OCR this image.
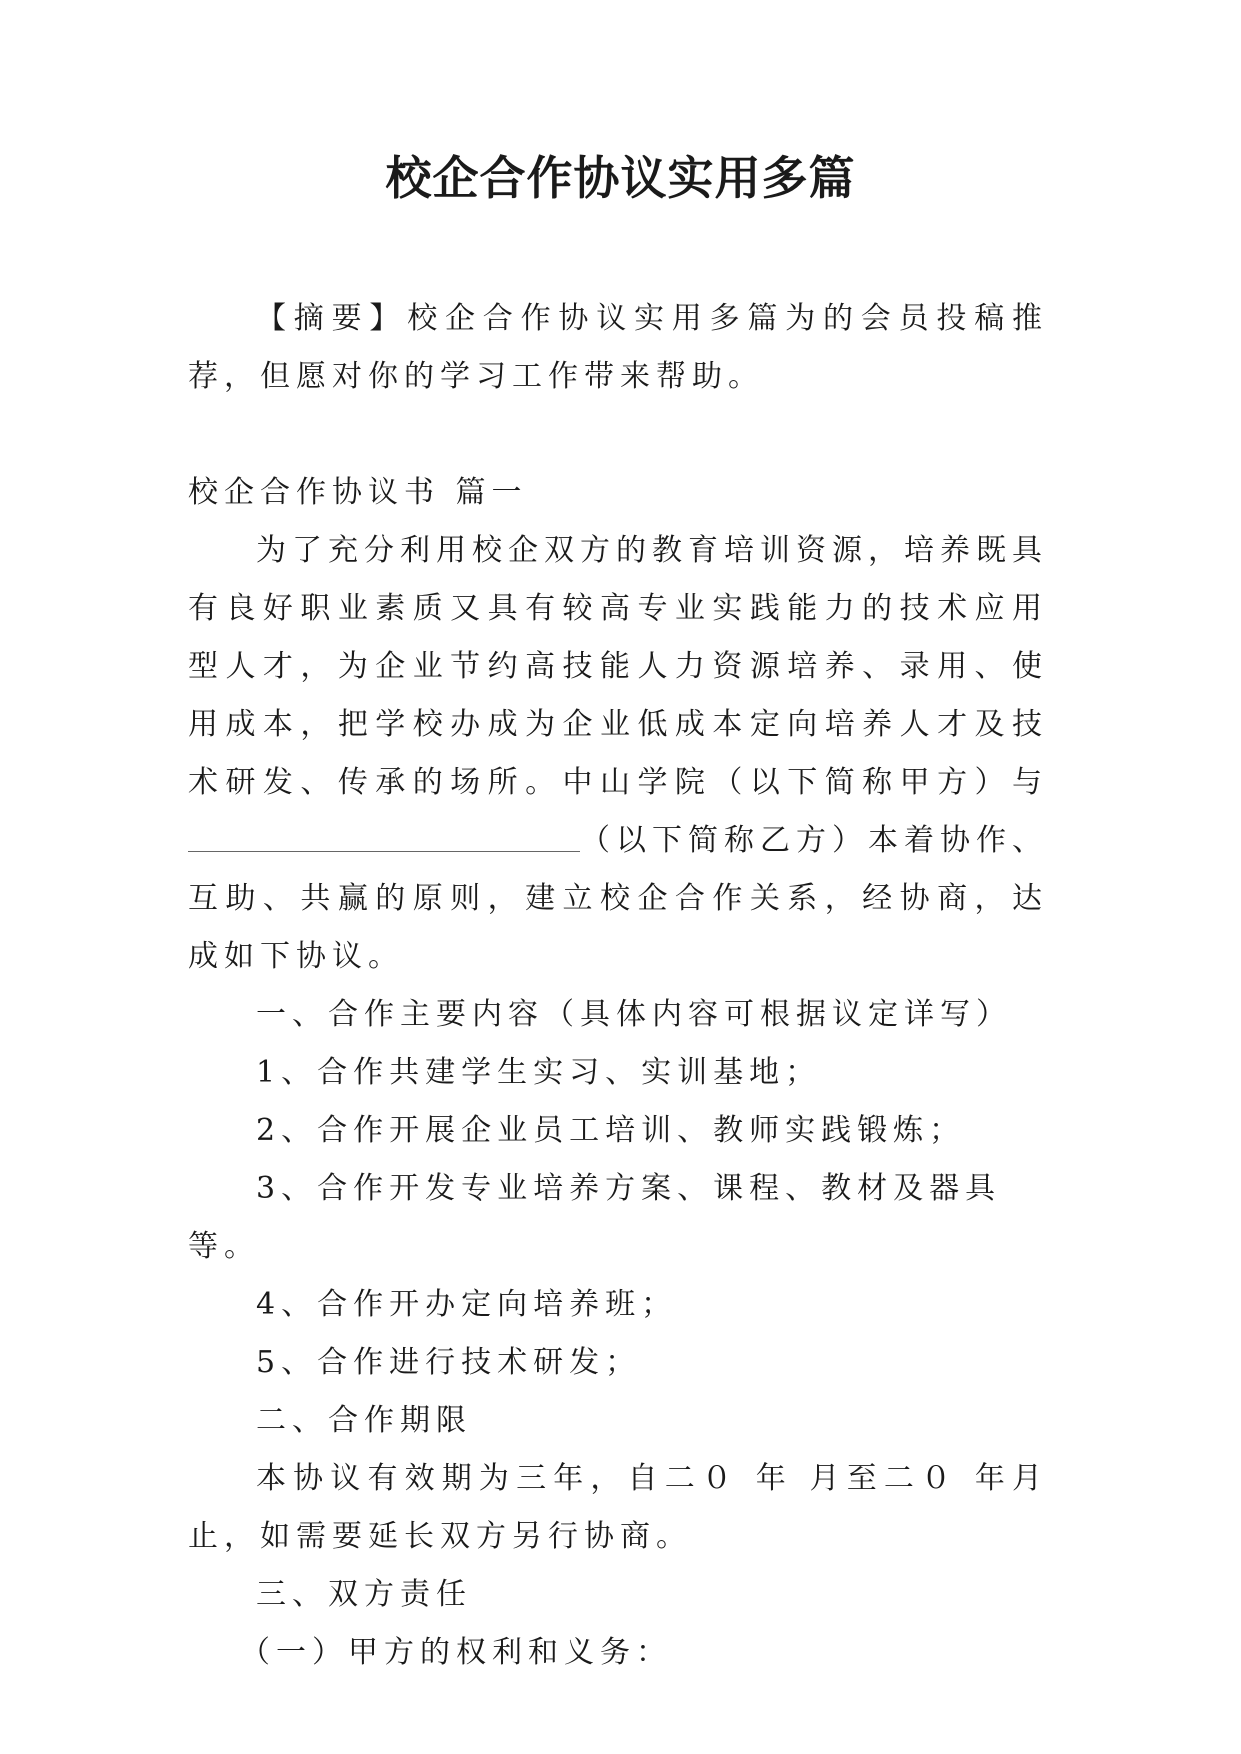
校企合作协议实用多篇

【摘要】校企合作协议实用多篇为的会员投稿推荐，但愿对你的学习工作带来帮助。

校企合作协议书 篇一

为了充分利用校企双方的教育培训资源，培养既具有良好职业素质又具有较高专业实践能力的技术应用型人才，为企业节约高技能人力资源培养、录用、使用成本，把学校办成为企业低成本定向培养人才及技术研发、传承的场所。中山学院（以下简称甲方）与（以下简称乙方）本着协作、互助、共赢的原则，建立校企合作关系，经协商，达成如下协议。

一、合作主要内容（具体内容可根据议定详写）

1、合作共建学生实习、实训基地；

2、合作开展企业员工培训、教师实践锻炼；

3、合作开发专业培养方案、课程、教材及器具等。

4、合作开办定向培养班；

5、合作进行技术研发；

二、合作期限

本协议有效期为三年，自二０ 年 月至二０ 年月止，如需要延长双方另行协商。

三、双方责任

（一）甲方的权利和义务：
